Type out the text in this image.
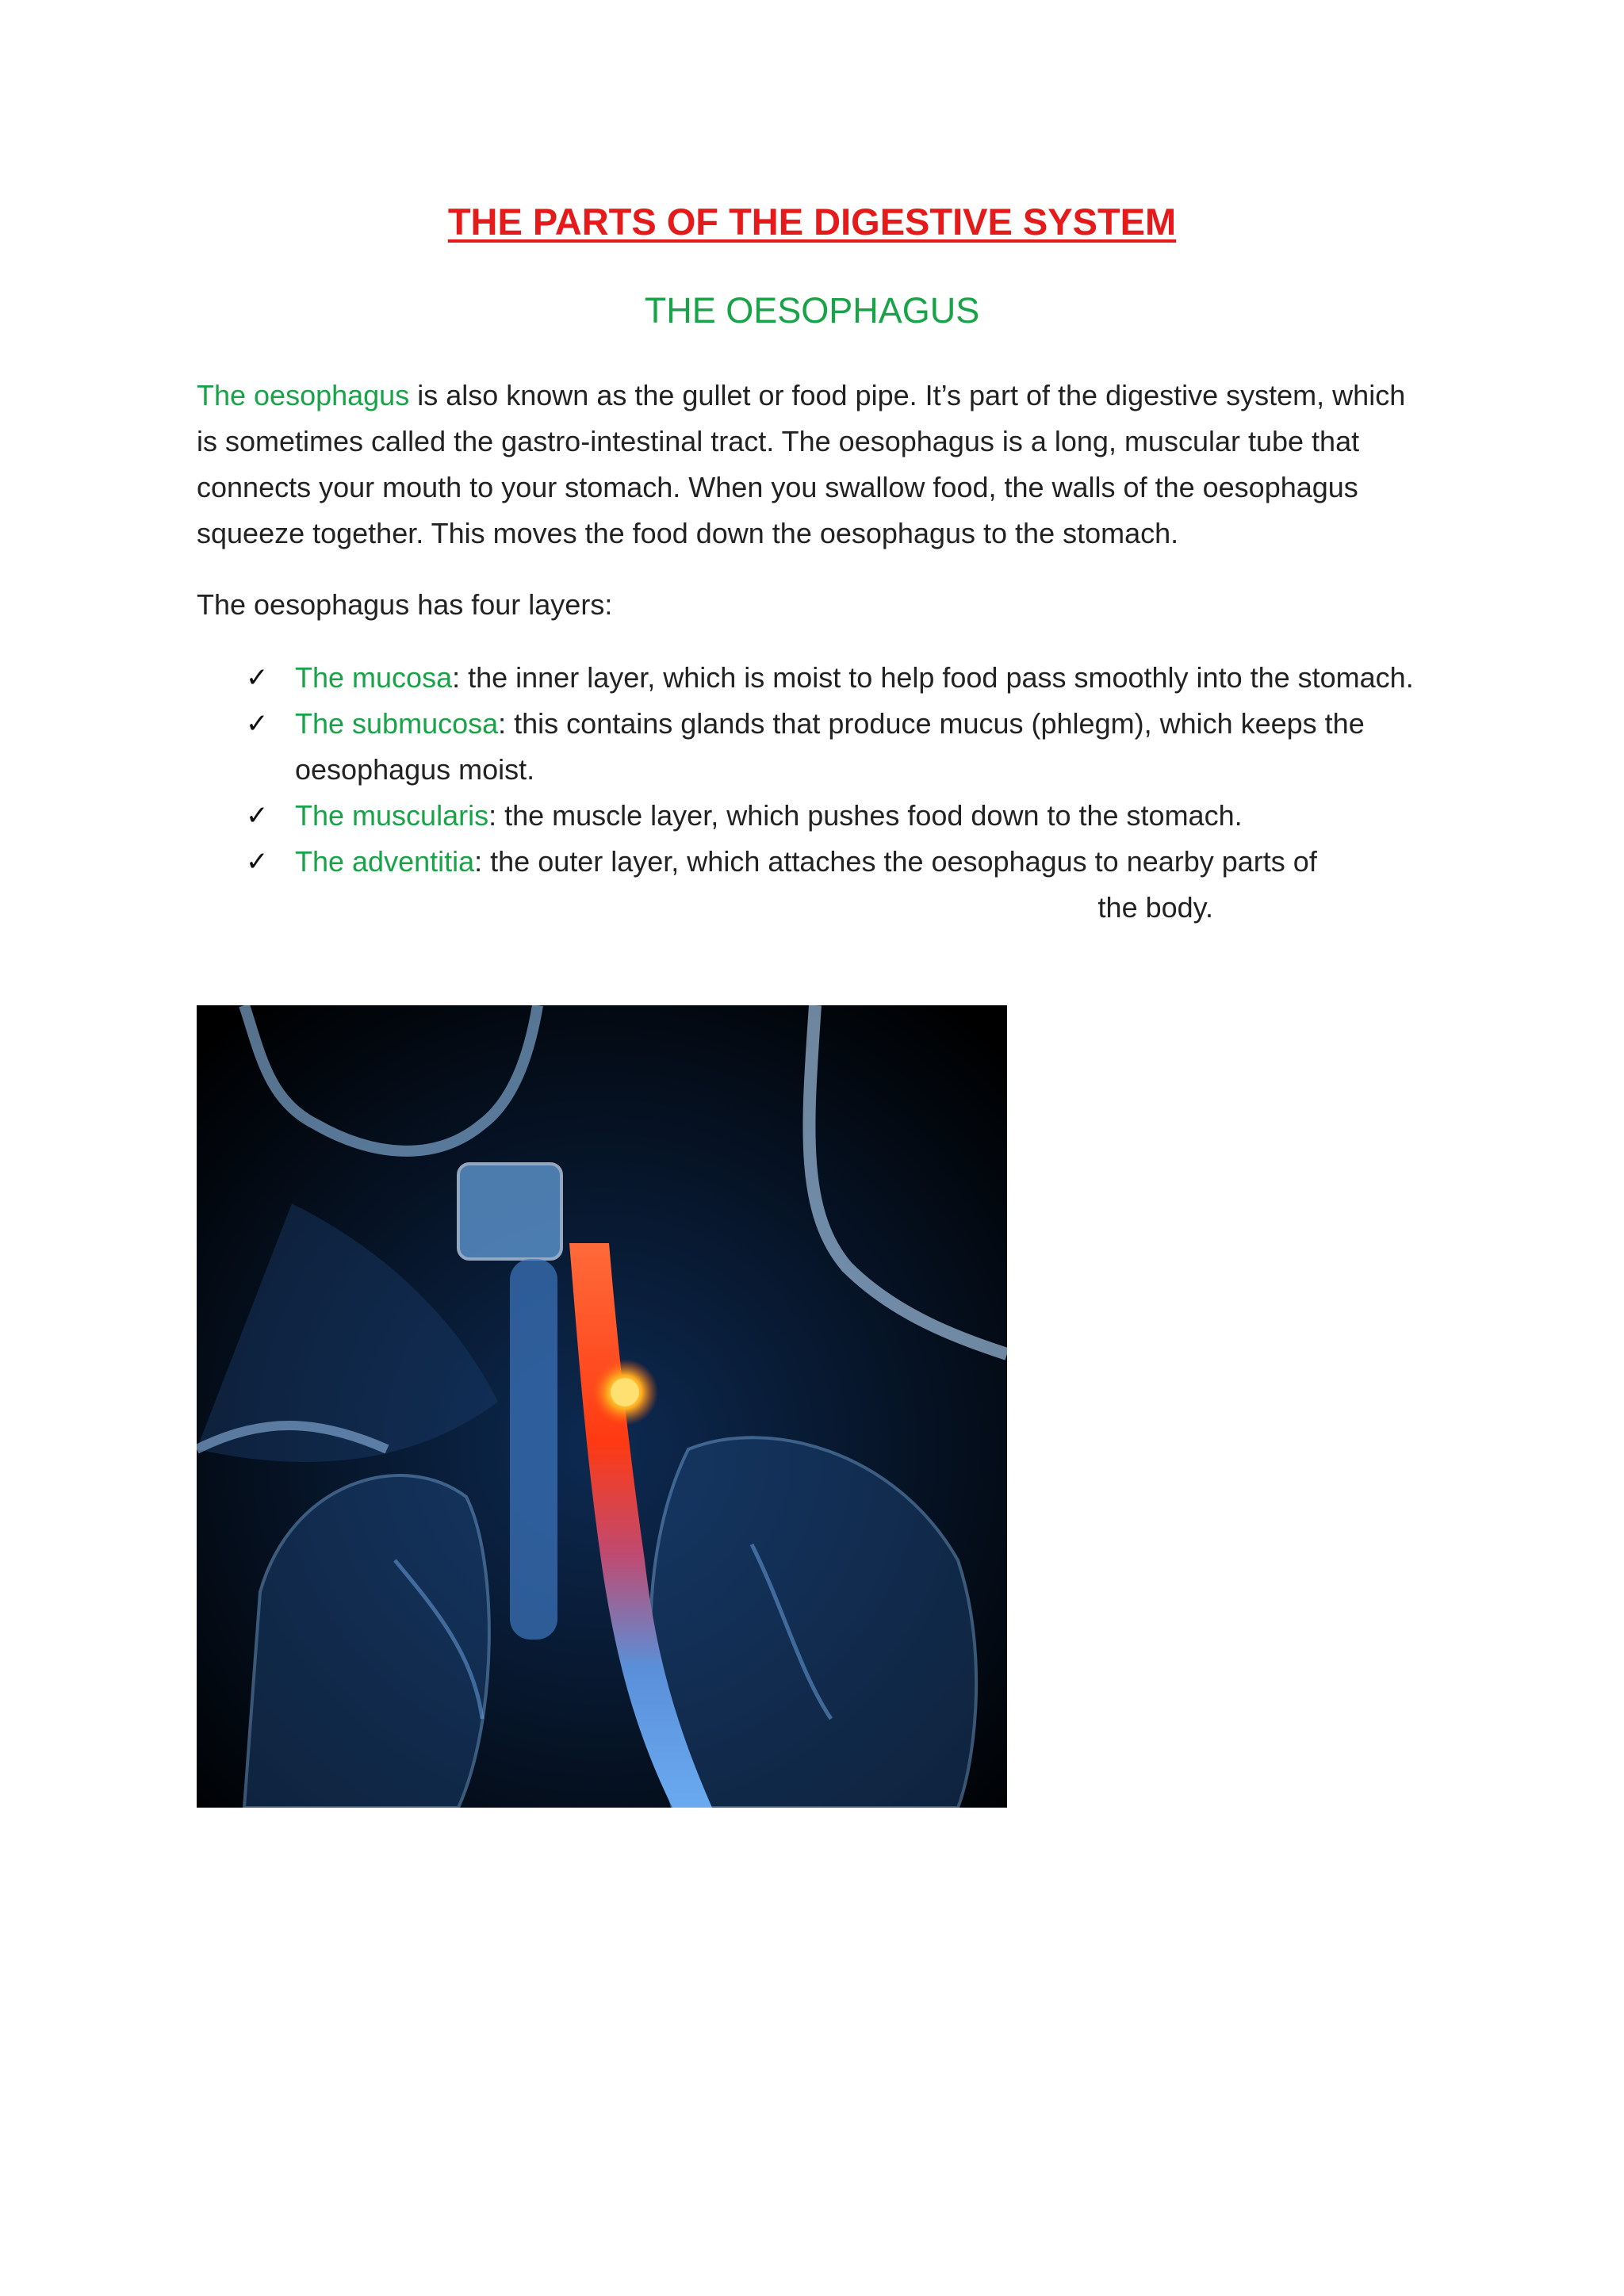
THE PARTS OF THE DIGESTIVE SYSTEM
THE OESOPHAGUS

The oesophagus is also known as the gullet or food pipe. It’s part of the digestive system, which is sometimes called the gastro-intestinal tract. The oesophagus is a long, muscular tube that connects your mouth to your stomach. When you swallow food, the walls of the oesophagus squeeze together. This moves the food down the oesophagus to the stomach.

The oesophagus has four layers:

✓ The mucosa: the inner layer, which is moist to help food pass smoothly into the stomach.
✓ The submucosa: this contains glands that produce mucus (phlegm), which keeps the oesophagus moist.
✓ The muscularis: the muscle layer, which pushes food down to the stomach.
✓ The adventitia: the outer layer, which attaches the oesophagus to nearby parts of
the body.
